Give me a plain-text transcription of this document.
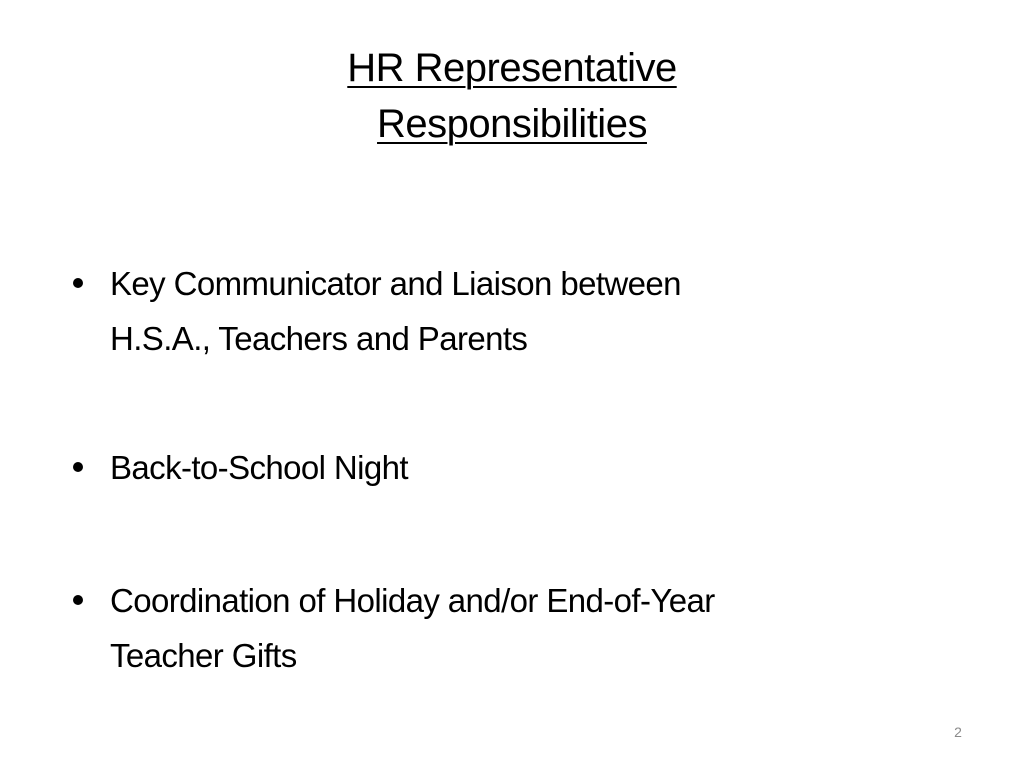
HR Representative
Responsibilities
Key Communicator and Liaison between
H.S.A., Teachers and Parents
Back-to-School Night
Coordination of Holiday and/or End-of-Year
Teacher Gifts
2
